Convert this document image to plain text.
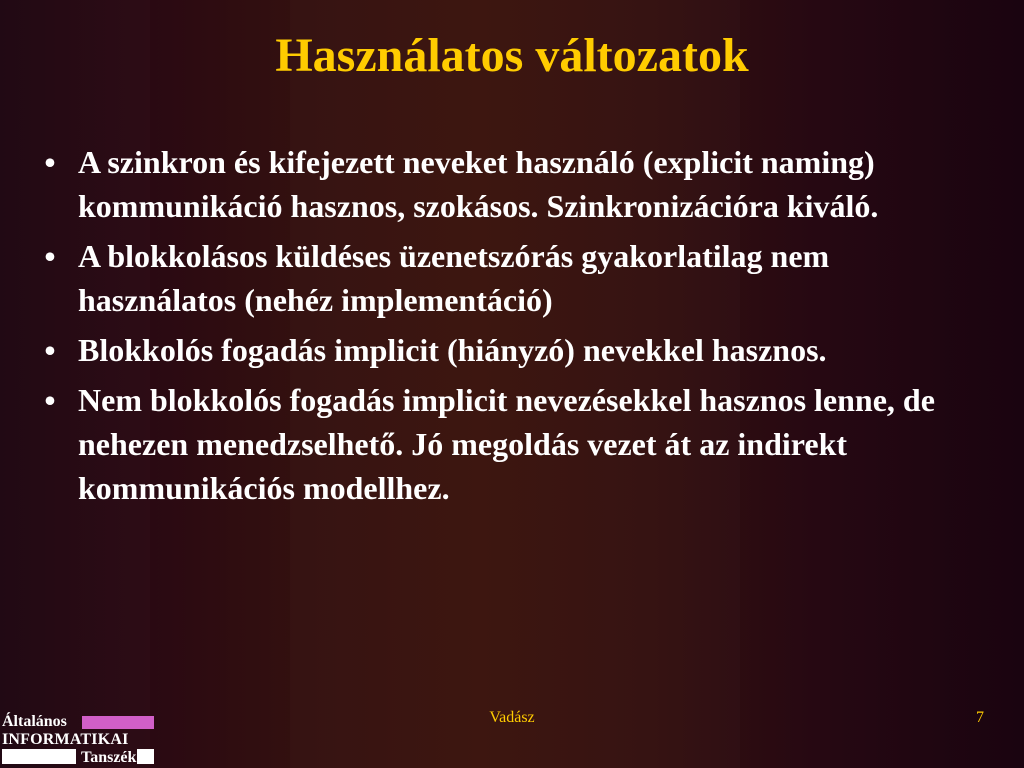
Használatos változatok
• A szinkron és kifejezett neveket használó (explicit naming) kommunikáció hasznos, szokásos. Szinkronizációra kiváló.
• A blokkolásos küldéses üzenetszórás gyakorlatilag nem használatos (nehéz implementáció)
• Blokkolós fogadás implicit (hiányzó) nevekkel hasznos.
• Nem blokkolós fogadás implicit nevezésekkel hasznos lenne, de nehezen menedzselhető. Jó megoldás vezet át az indirekt kommunikációs modellhez.
Általános
INFORMATIKAI
Tanszék
Vadász	7
